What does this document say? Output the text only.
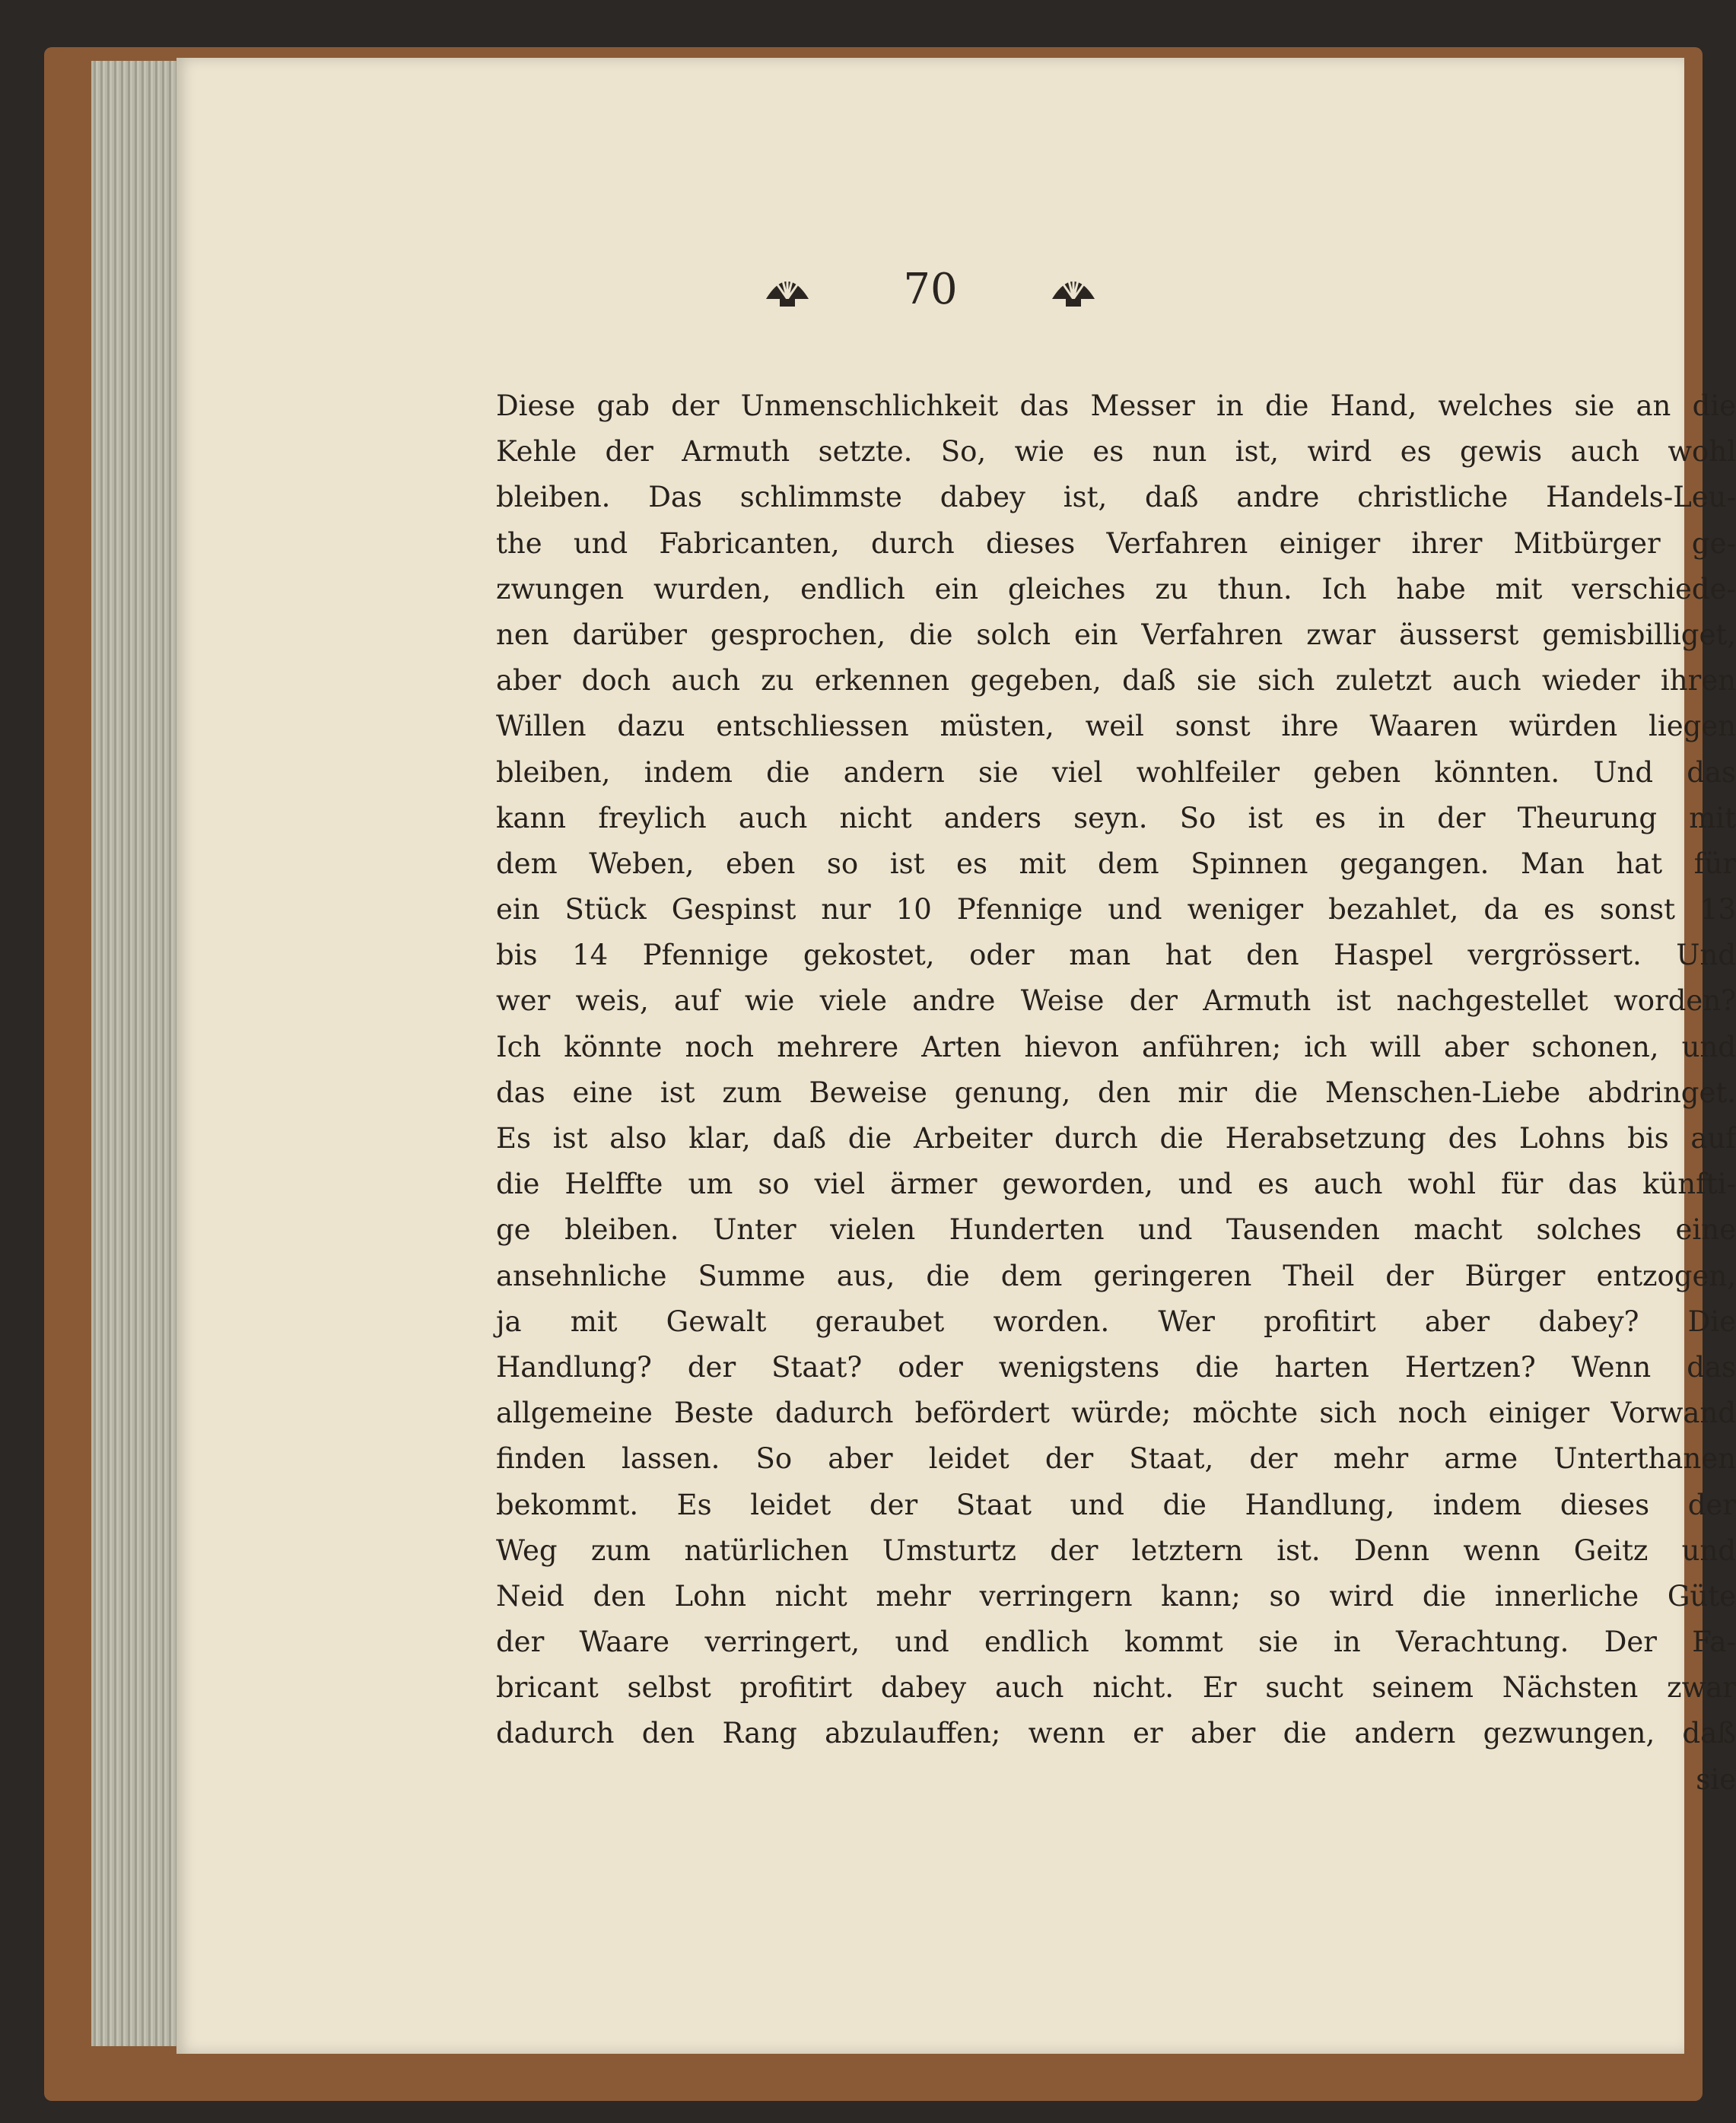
70
Diese gab der Unmenschlichkeit das Messer in die Hand, welches sie an die
Kehle der Armuth setzte. So, wie es nun ist, wird es gewis auch wohl
bleiben. Das schlimmste dabey ist, daß andre christliche Handels-Leu-
the und Fabricanten, durch dieses Verfahren einiger ihrer Mitbürger ge-
zwungen wurden, endlich ein gleiches zu thun. Ich habe mit verschiede-
nen darüber gesprochen, die solch ein Verfahren zwar äusserst gemisbilliget,
aber doch auch zu erkennen gegeben, daß sie sich zuletzt auch wieder ihren
Willen dazu entschliessen müsten, weil sonst ihre Waaren würden liegen
bleiben, indem die andern sie viel wohlfeiler geben könnten. Und das
kann freylich auch nicht anders seyn. So ist es in der Theurung mit
dem Weben, eben so ist es mit dem Spinnen gegangen. Man hat für
ein Stück Gespinst nur 10 Pfennige und weniger bezahlet, da es sonst 13
bis 14 Pfennige gekostet, oder man hat den Haspel vergrössert. Und
wer weis, auf wie viele andre Weise der Armuth ist nachgestellet worden?
Ich könnte noch mehrere Arten hievon anführen; ich will aber schonen, und
das eine ist zum Beweise genung, den mir die Menschen-Liebe abdringet.
Es ist also klar, daß die Arbeiter durch die Herabsetzung des Lohns bis auf
die Helffte um so viel ärmer geworden, und es auch wohl für das künfti-
ge bleiben. Unter vielen Hunderten und Tausenden macht solches eine
ansehnliche Summe aus, die dem geringeren Theil der Bürger entzogen,
ja mit Gewalt geraubet worden. Wer profitirt aber dabey? Die
Handlung? der Staat? oder wenigstens die harten Hertzen? Wenn das
allgemeine Beste dadurch befördert würde; möchte sich noch einiger Vorwand
finden lassen. So aber leidet der Staat, der mehr arme Unterthanen
bekommt. Es leidet der Staat und die Handlung, indem dieses der
Weg zum natürlichen Umsturtz der letztern ist. Denn wenn Geitz und
Neid den Lohn nicht mehr verringern kann; so wird die innerliche Güte
der Waare verringert, und endlich kommt sie in Verachtung. Der Fa-
bricant selbst profitirt dabey auch nicht. Er sucht seinem Nächsten zwar
dadurch den Rang abzulauffen; wenn er aber die andern gezwungen, daß
sie
